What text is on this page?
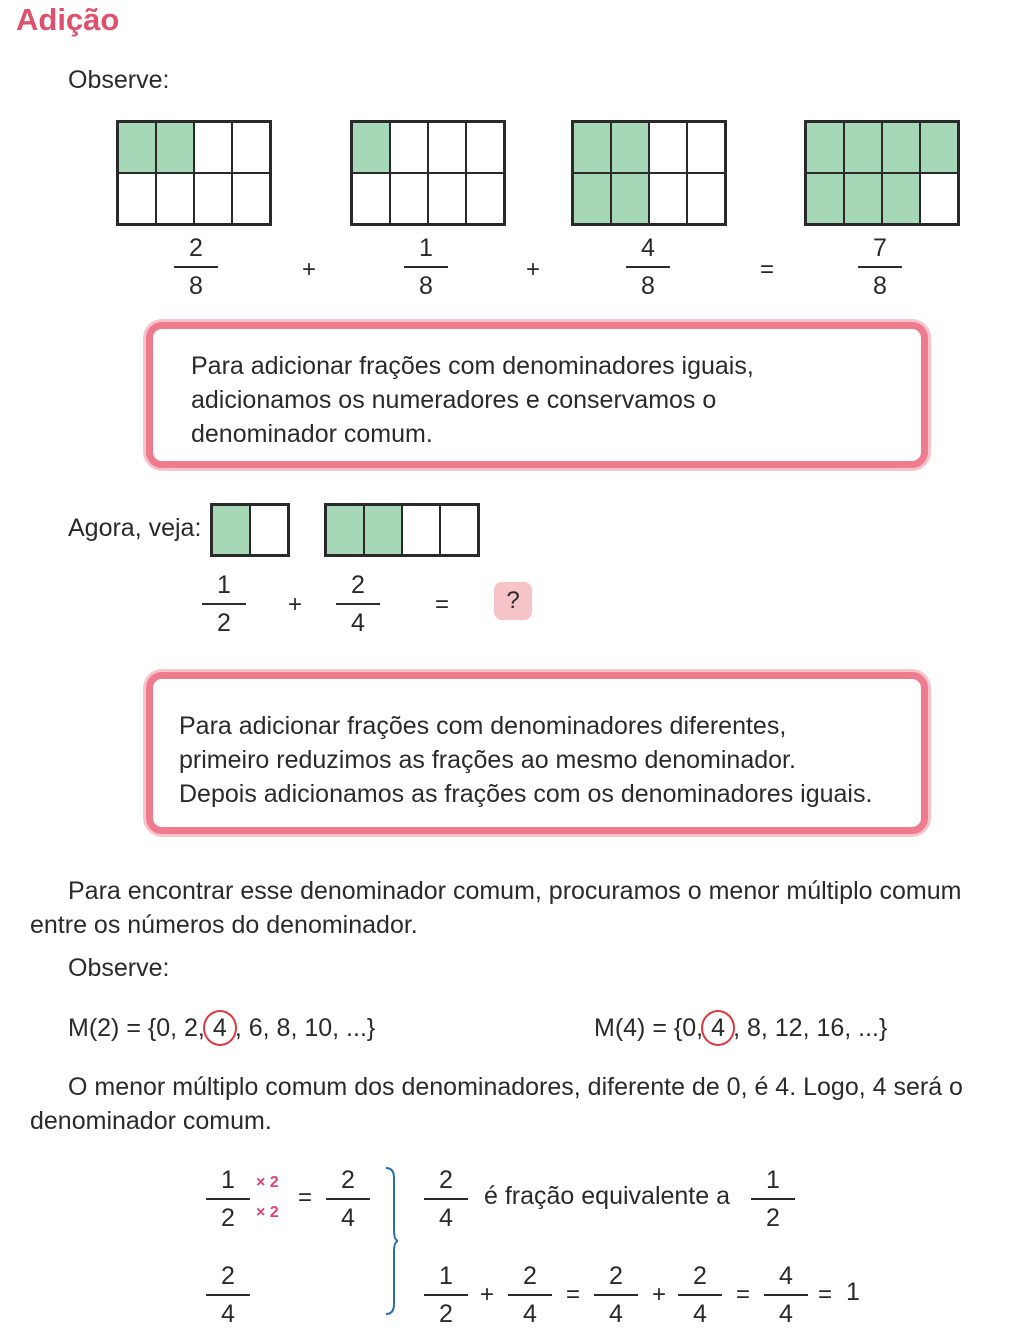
Adição
Observe:
2
8
+
1
8
+
4
8
=
7
8
Para adicionar frações com denominadores iguais,
adicionamos os numeradores e conservamos o
denominador comum.
Agora, veja:
1
2
+
2
4
=	?
Para adicionar frações com denominadores diferentes,
primeiro reduzimos as frações ao mesmo denominador.
Depois adicionamos as frações com os denominadores iguais.

Para encontrar esse denominador comum, procuramos o menor múltiplo comum

entre os números do denominador.

Observe:
M(2) = {0, 2, 4 , 6, 8, 10, ...}	M(4) = {0, 4 , 8, 12, 16, ...}

O menor múltiplo comum dos denominadores, diferente de 0, é 4. Logo, 4 será o

denominador comum.

1
2
× 2
× 2
=
2
4
2
4
2
4
é fração equivalente a
1
2
1
2
+
2
4
=
2
4
+
2
4
=
4
4
= 1
